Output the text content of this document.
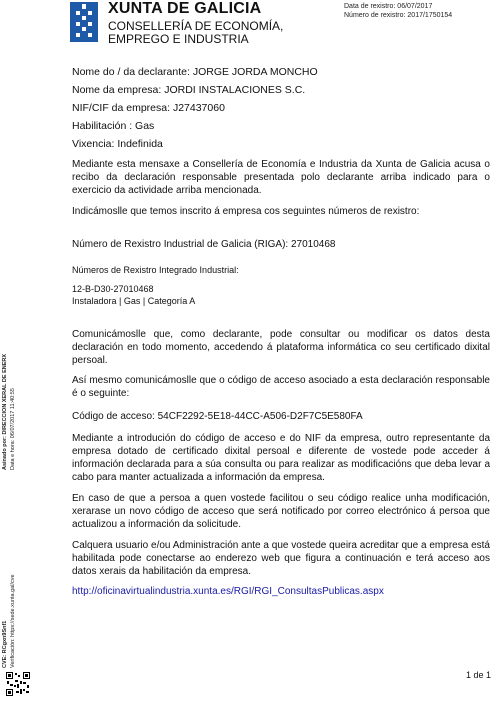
XUNTA DE GALICIA
CONSELLERÍA DE ECONOMÍA,
EMPREGO E INDUSTRIA
Data de rexistro: 06/07/2017
Número de rexistro: 2017/1750154

Nome do / da declarante: JORGE JORDA MONCHO

Nome da empresa: JORDI INSTALACIONES S.C.

NIF/CIF da empresa: J27437060

Habilitación : Gas

Vixencia: Indefinida

Mediante esta mensaxe a Consellería de Economía e Industria da Xunta de Galicia acusa o recibo da declaración responsable presentada polo declarante arriba indicado para o exercicio da actividade arriba mencionada.

Indicámoslle que temos inscrito á empresa cos seguintes números de rexistro:

Número de Rexistro Industrial de Galicia (RIGA): 27010468

Números de Rexistro Integrado Industrial:

12-B-D30-27010468

Instaladora | Gas | Categoría A

Comunicámoslle que, como declarante, pode consultar ou modificar os datos desta declaración en todo momento, accedendo á plataforma informática co seu certificado dixital persoal.

Así mesmo comunicámoslle que o código de acceso asociado a esta declaración responsable é o seguinte:

Código de acceso: 54CF2292-5E18-44CC-A506-D2F7C5E580FA

Mediante a introdución do código de acceso e do NIF da empresa, outro representante da empresa dotado de certificado dixital persoal e diferente de vostede pode acceder á información declarada para a súa consulta ou para realizar as modificacións que deba levar a cabo para manter actualizada a información da empresa.

En caso de que a persoa a quen vostede facilitou o seu código realice unha modificación, xerarase un novo código de acceso que será notificado por correo electrónico á persoa que actualizou a información da solicitude.

Calquera usuario e/ou Administración ante a que vostede queira acreditar que a empresa está habilitada pode conectarse ao enderezo web que figura a continuación e terá acceso aos datos xerais da habilitación da empresa.

http://oficinavirtualindustria.xunta.es/RGI/RGI_ConsultasPublicas.aspx

Asinado por: DIRECCION XERAL DE ENERX Data e hora: 06/07/2017 11:40:55
CVE: RCgxn9Snf1 Verificación: https://sede.xunta.gal/cve
1 de 1
